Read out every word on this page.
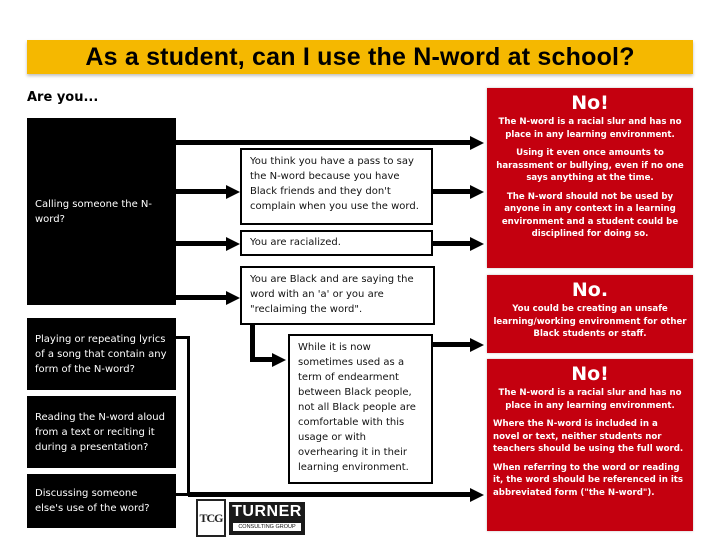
As a student, can I use the N-word at school?
Are you...
Calling someone the N-word?
Playing or repeating lyrics of a song that contain any form of the N-word?
Reading the N-word aloud from a text or reciting it during a presentation?
Discussing someone else's use of the word?
You think you have a pass to say the N-word because you have Black friends and they don't complain when you use the word.
You are racialized.
You are Black and are saying the word with an 'a' or you are "reclaiming the word".
While it is now sometimes used as a term of endearment between Black people, not all Black people are comfortable with this usage or with overhearing it in their learning environment.
No!

The N-word is a racial slur and has no place in any learning environment.

Using it even once amounts to harassment or bullying, even if no one says anything at the time.

The N-word should not be used by anyone in any context in a learning environment and a student could be disciplined for doing so.

No.

You could be creating an unsafe learning/working environment for other Black students or staff.

No!

The N-word is a racial slur and has no place in any learning environment.

Where the N-word is included in a novel or text, neither students nor teachers should be using the full word.

When referring to the word or reading it, the word should be referenced in its abbreviated form ("the N-word").

TCG TURNER
CONSULTING GROUP
